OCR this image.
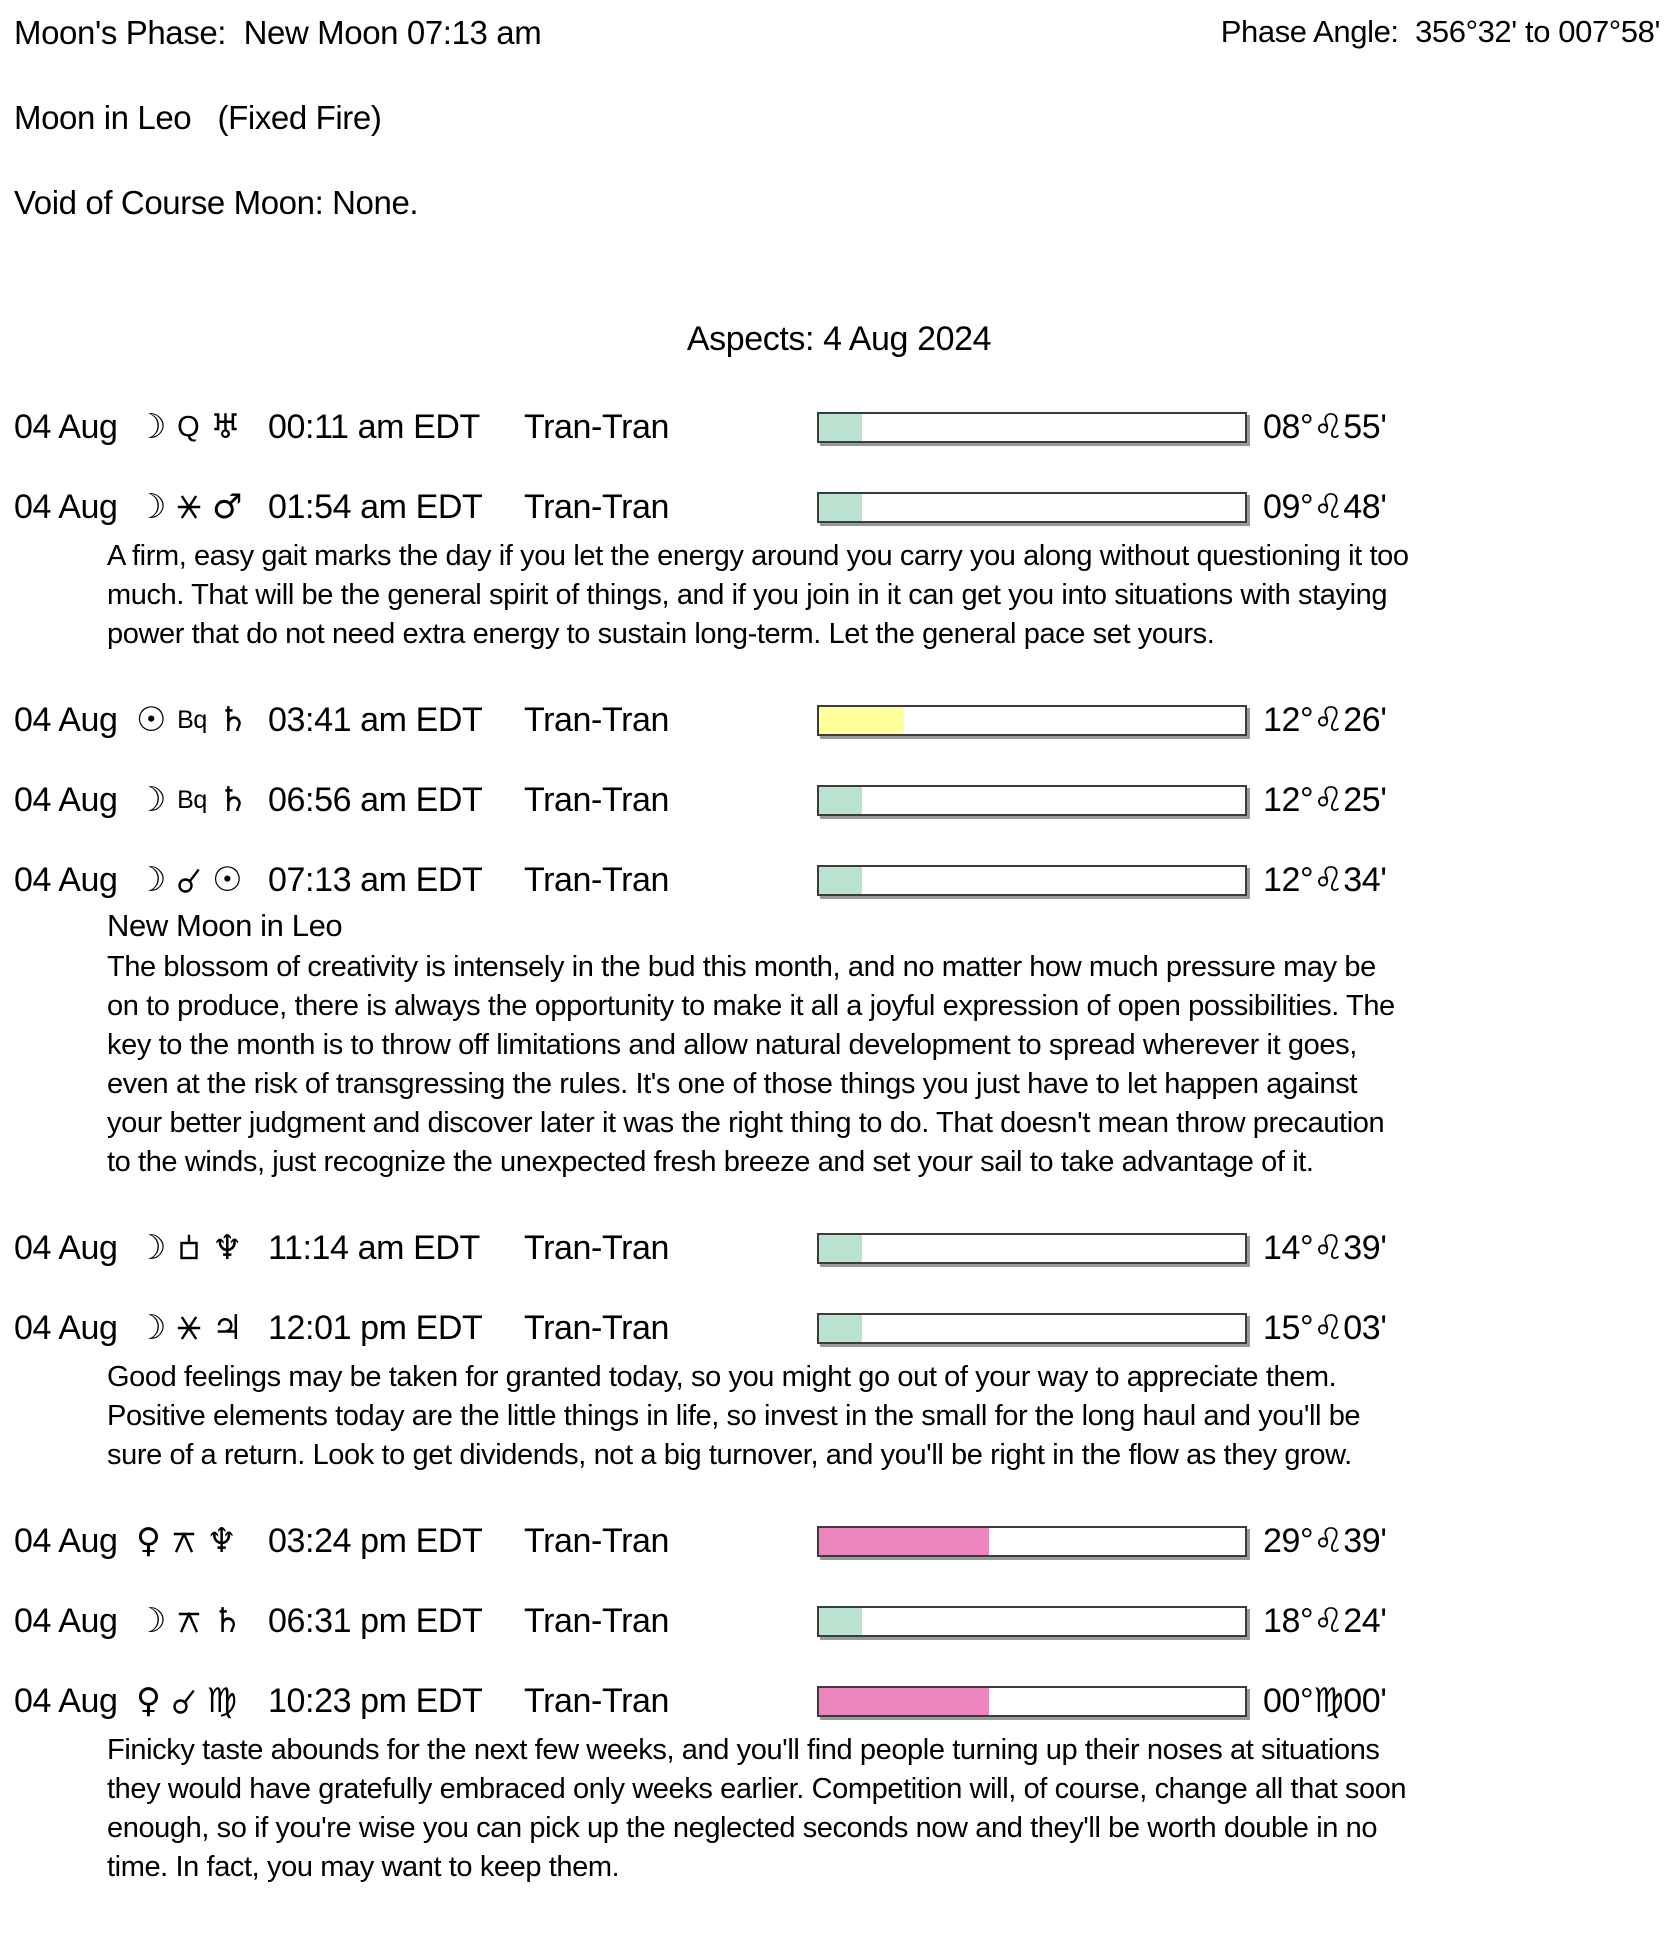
Moon's Phase:  New Moon 07:13 am	Phase Angle:  356°32' to 007°58'
Moon in Leo   (Fixed Fire)
Void of Course Moon: None.
Aspects: 4 Aug 2024
04 Aug ☽ Q ♅ 00:11 am EDT	Tran-Tran	08°♌55'
04 Aug ☽ ♂ 01:54 am EDT	Tran-Tran	09°♌48'
A firm, easy gait marks the day if you let the energy around you carry you along without questioning it too much. That will be the general spirit of things, and if you join in it can get you into situations with staying power that do not need extra energy to sustain long-term. Let the general pace set yours.
04 Aug ☉ Bq ♄ 03:41 am EDT	Tran-Tran	12°♌26'
04 Aug ☽ Bq ♄ 06:56 am EDT	Tran-Tran	12°♌25'
04 Aug ☽ ☉ 07:13 am EDT	Tran-Tran	12°♌34'
New Moon in Leo
The blossom of creativity is intensely in the bud this month, and no matter how much pressure may be on to produce, there is always the opportunity to make it all a joyful expression of open possibilities. The key to the month is to throw off limitations and allow natural development to spread wherever it goes, even at the risk of transgressing the rules. It's one of those things you just have to let happen against your better judgment and discover later it was the right thing to do. That doesn't mean throw precaution to the winds, just recognize the unexpected fresh breeze and set your sail to take advantage of it.
04 Aug ☽ ♆ 11:14 am EDT	Tran-Tran	14°♌39'
04 Aug ☽ ♃ 12:01 pm EDT	Tran-Tran	15°♌03'
Good feelings may be taken for granted today, so you might go out of your way to appreciate them. Positive elements today are the little things in life, so invest in the small for the long haul and you'll be sure of a return. Look to get dividends, not a big turnover, and you'll be right in the flow as they grow.
04 Aug ♀ ♆ 03:24 pm EDT	Tran-Tran	29°♌39'
04 Aug ☽ ♄ 06:31 pm EDT	Tran-Tran	18°♌24'
04 Aug ♀ ♍ 10:23 pm EDT	Tran-Tran	00°♍00'
Finicky taste abounds for the next few weeks, and you'll find people turning up their noses at situations they would have gratefully embraced only weeks earlier. Competition will, of course, change all that soon enough, so if you're wise you can pick up the neglected seconds now and they'll be worth double in no time. In fact, you may want to keep them.
